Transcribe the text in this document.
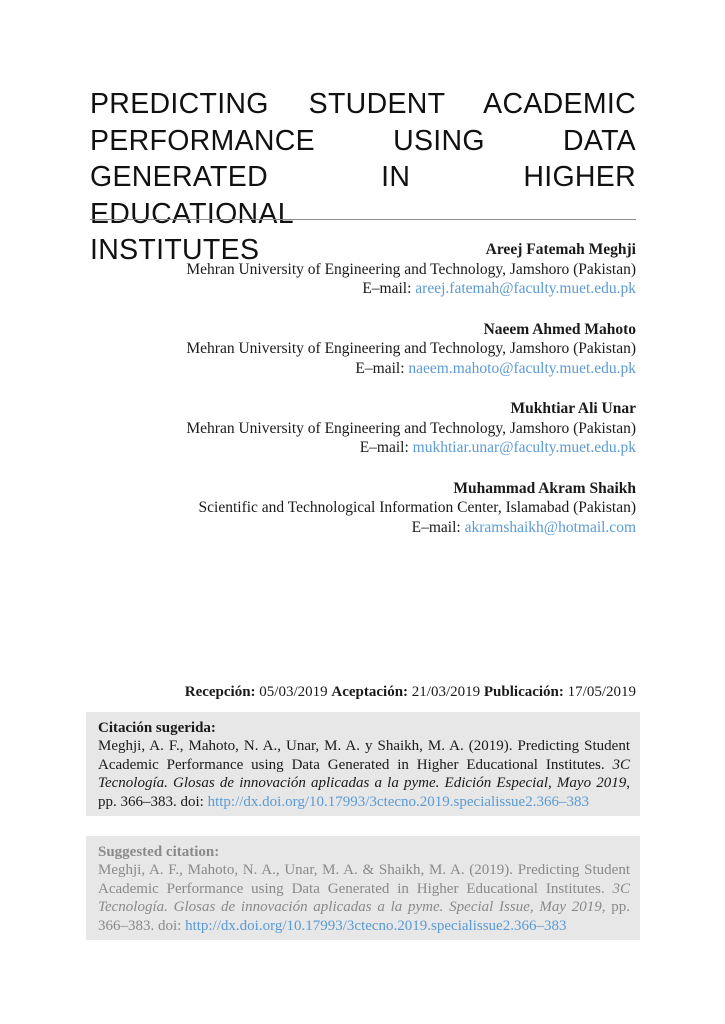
PREDICTING STUDENT ACADEMIC
PERFORMANCE USING DATA
GENERATED IN HIGHER EDUCATIONAL
INSTITUTES	Areej Fatemah Meghji
Mehran University of Engineering and Technology, Jamshoro (Pakistan)
E–mail: areej.fatemah@faculty.muet.edu.pk
Naeem Ahmed Mahoto
Mehran University of Engineering and Technology, Jamshoro (Pakistan)
E–mail: naeem.mahoto@faculty.muet.edu.pk
Mukhtiar Ali Unar
Mehran University of Engineering and Technology, Jamshoro (Pakistan)
E–mail: mukhtiar.unar@faculty.muet.edu.pk
Muhammad Akram Shaikh
Scientific and Technological Information Center, Islamabad (Pakistan)
E–mail: akramshaikh@hotmail.com
Recepción: 05/03/2019 Aceptación: 21/03/2019 Publicación: 17/05/2019
Citación sugerida:
Meghji, A. F., Mahoto, N. A., Unar, M. A. y Shaikh, M. A. (2019). Predicting Student Academic Performance using Data Generated in Higher Educational Institutes. 3C Tecnología. Glosas de innovación aplicadas a la pyme. Edición Especial, Mayo 2019, pp. 366–383. doi: http://dx.doi.org/10.17993/3ctecno.2019.specialissue2.366–383
Suggested citation:
Meghji, A. F., Mahoto, N. A., Unar, M. A. & Shaikh, M. A. (2019). Predicting Student Academic Performance using Data Generated in Higher Educational Institutes. 3C Tecnología. Glosas de innovación aplicadas a la pyme. Special Issue, May 2019, pp. 366–383. doi: http://dx.doi.org/10.17993/3ctecno.2019.specialissue2.366–383
